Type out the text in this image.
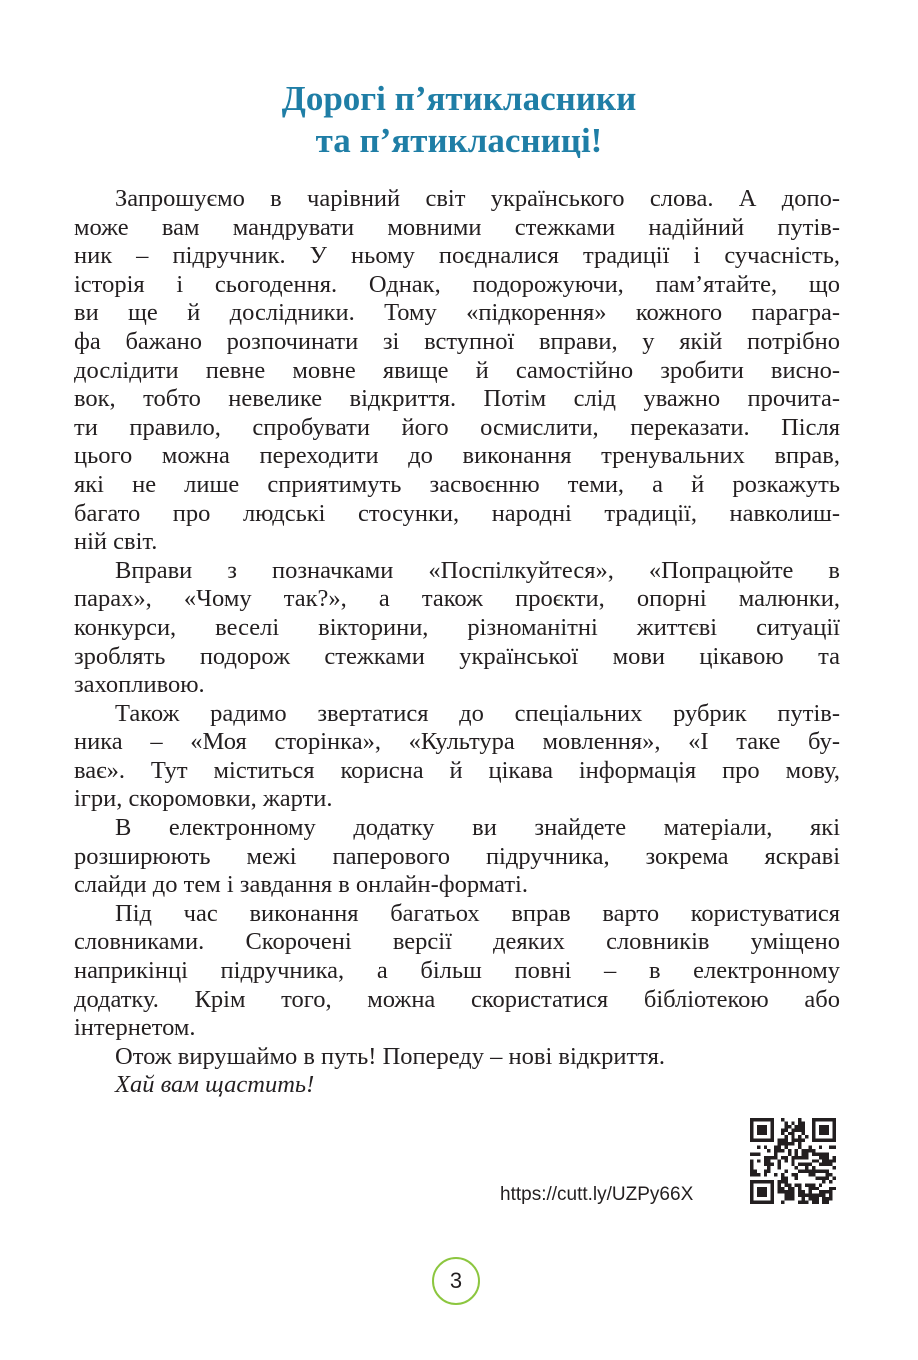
Дорогі п’ятикласники
та п’ятикласниці!
Запрошуємо в чарівний світ українського слова. А допо-
може вам мандрувати мовними стежками надійний путів-
ник – підручник. У ньому поєдналися традиції і сучасність,
історія і сьогодення. Однак, подорожуючи, пам’ятайте, що
ви ще й дослідники. Тому «підкорення» кожного парагра-
фа бажано розпочинати зі вступної вправи, у якій потрібно
дослідити певне мовне явище й самостійно зробити висно-
вок, тобто невелике відкриття. Потім слід уважно прочита-
ти правило, спробувати його осмислити, переказати. Після
цього можна переходити до виконання тренувальних вправ,
які не лише сприятимуть засвоєнню теми, а й розкажуть
багато про людські стосунки, народні традиції, навколиш-
ній світ.
Вправи з позначками «Поспілкуйтеся», «Попрацюйте в
парах», «Чому так?», а також проєкти, опорні малюнки,
конкурси, веселі вікторини, різноманітні життєві ситуації
зроблять подорож стежками української мови цікавою та
захопливою.
Також радимо звертатися до спеціальних рубрик путів-
ника – «Моя сторінка», «Культура мовлення», «І таке бу-
ває». Тут міститься корисна й цікава інформація про мову,
ігри, скоромовки, жарти.
В електронному додатку ви знайдете матеріали, які
розширюють межі паперового підручника, зокрема яскраві
слайди до тем і завдання в онлайн-форматі.
Під час виконання багатьох вправ варто користуватися
словниками. Скорочені версії деяких словників уміщено
наприкінці підручника, а більш повні – в електронному
додатку. Крім того, можна скористатися бібліотекою або
інтернетом.
Отож вирушаймо в путь! Попереду – нові відкриття.
Хай вам щастить!
https://cutt.ly/UZPy66X
3
